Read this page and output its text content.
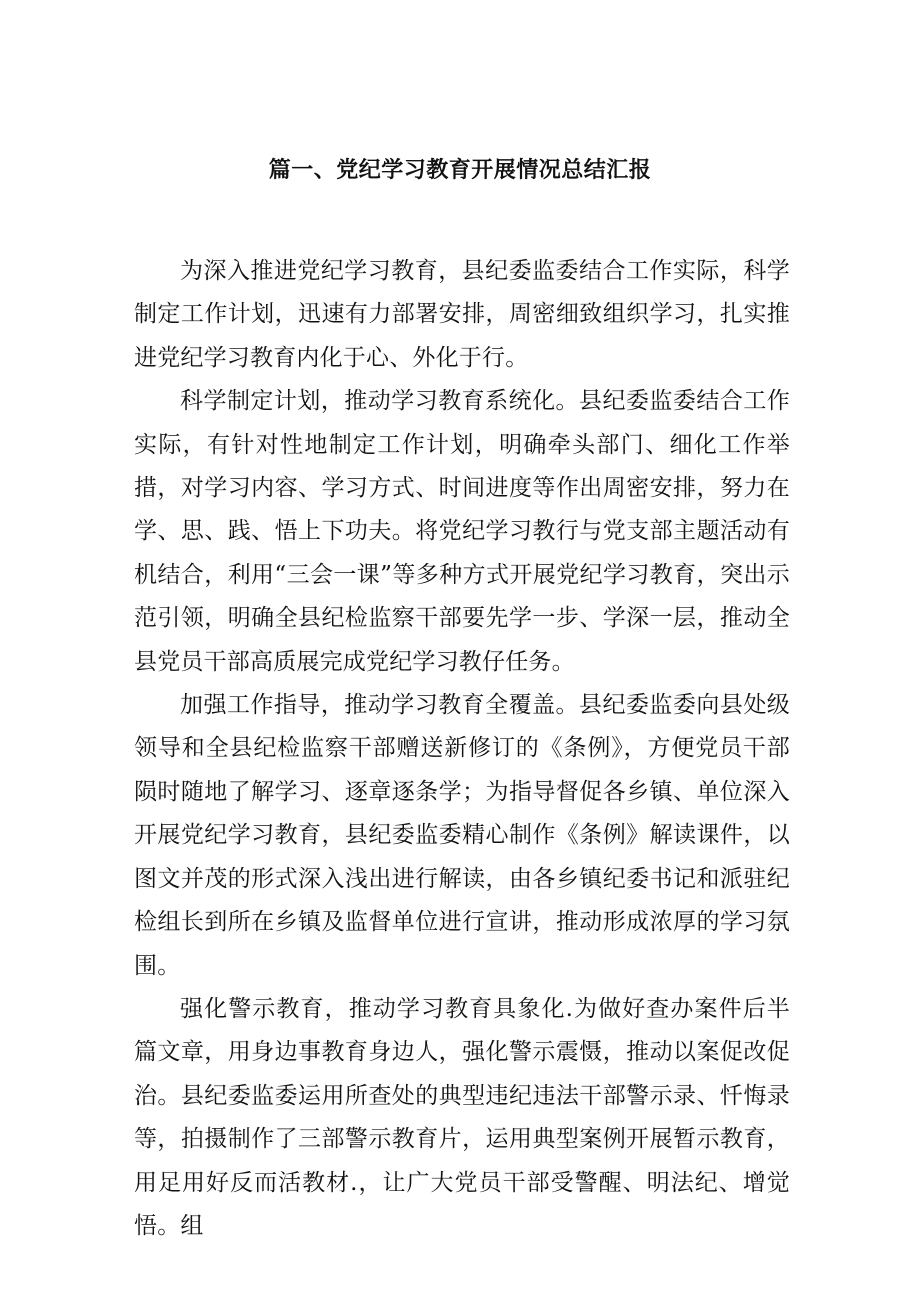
篇一、党纪学习教育开展情况总结汇报

为深入推进党纪学习教育，县纪委监委结合工作实际，科学制定工作计划，迅速有力部署安排，周密细致组织学习，扎实推进党纪学习教育内化于心、外化于行。

科学制定计划，推动学习教育系统化。县纪委监委结合工作实际，有针对性地制定工作计划，明确牵头部门、细化工作举措，对学习内容、学习方式、时间进度等作出周密安排，努力在学、思、践、悟上下功夫。将党纪学习教行与党支部主题活动有机结合，利用“三会一课”等多种方式开展党纪学习教育，突出示范引领，明确全县纪检监察干部要先学一步、学深一层，推动全县党员干部高质展完成党纪学习教仔任务。

加强工作指导，推动学习教育全覆盖。县纪委监委向县处级领导和全县纪检监察干部赠送新修订的《条例》，方便党员干部陨时随地了解学习、逐章逐条学；为指导督促各乡镇、单位深入开展党纪学习教育，县纪委监委精心制作《条例》解读课件，以图文并茂的形式深入浅出进行解读，由各乡镇纪委书记和派驻纪检组长到所在乡镇及监督单位进行宣讲，推动形成浓厚的学习氛围。

强化警示教育，推动学习教育具象化.为做好查办案件后半篇文章，用身边事教育身边人，强化警示震慑，推动以案促改促治。县纪委监委运用所查处的典型违纪违法干部警示录、忏悔录等，拍摄制作了三部警示教育片，运用典型案例开展暂示教育，用足用好反而活教材.，让广大党员干部受警醒、明法纪、增觉悟。组
